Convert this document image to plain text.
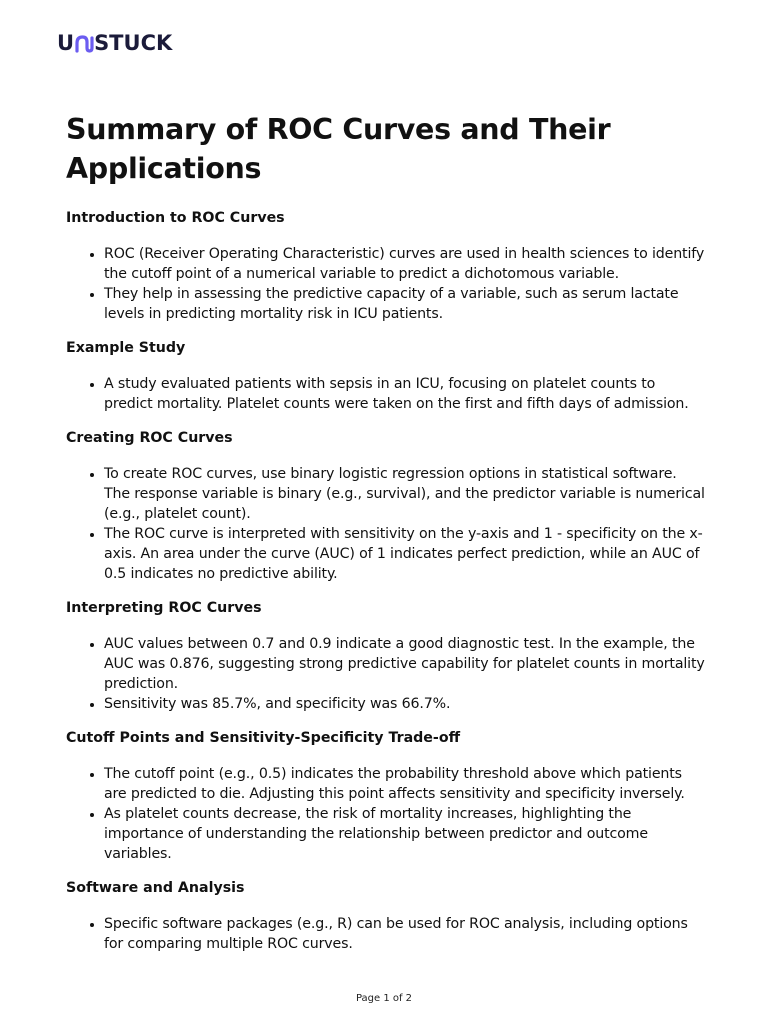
U STUCK
Summary of ROC Curves and Their Applications
Introduction to ROC Curves
• ROC (Receiver Operating Characteristic) curves are used in health sciences to identify the cutoff point of a numerical variable to predict a dichotomous variable.
• They help in assessing the predictive capacity of a variable, such as serum lactate levels in predicting mortality risk in ICU patients.
Example Study
• A study evaluated patients with sepsis in an ICU, focusing on platelet counts to predict mortality. Platelet counts were taken on the first and fifth days of admission.
Creating ROC Curves
• To create ROC curves, use binary logistic regression options in statistical software. The response variable is binary (e.g., survival), and the predictor variable is numerical (e.g., platelet count).
• The ROC curve is interpreted with sensitivity on the y-axis and 1 - specificity on the x-axis. An area under the curve (AUC) of 1 indicates perfect prediction, while an AUC of 0.5 indicates no predictive ability.
Interpreting ROC Curves
• AUC values between 0.7 and 0.9 indicate a good diagnostic test. In the example, the AUC was 0.876, suggesting strong predictive capability for platelet counts in mortality prediction.
• Sensitivity was 85.7%, and specificity was 66.7%.
Cutoff Points and Sensitivity-Specificity Trade-off
• The cutoff point (e.g., 0.5) indicates the probability threshold above which patients are predicted to die. Adjusting this point affects sensitivity and specificity inversely.
• As platelet counts decrease, the risk of mortality increases, highlighting the importance of understanding the relationship between predictor and outcome variables.
Software and Analysis
• Specific software packages (e.g., R) can be used for ROC analysis, including options for comparing multiple ROC curves.
Page 1 of 2
